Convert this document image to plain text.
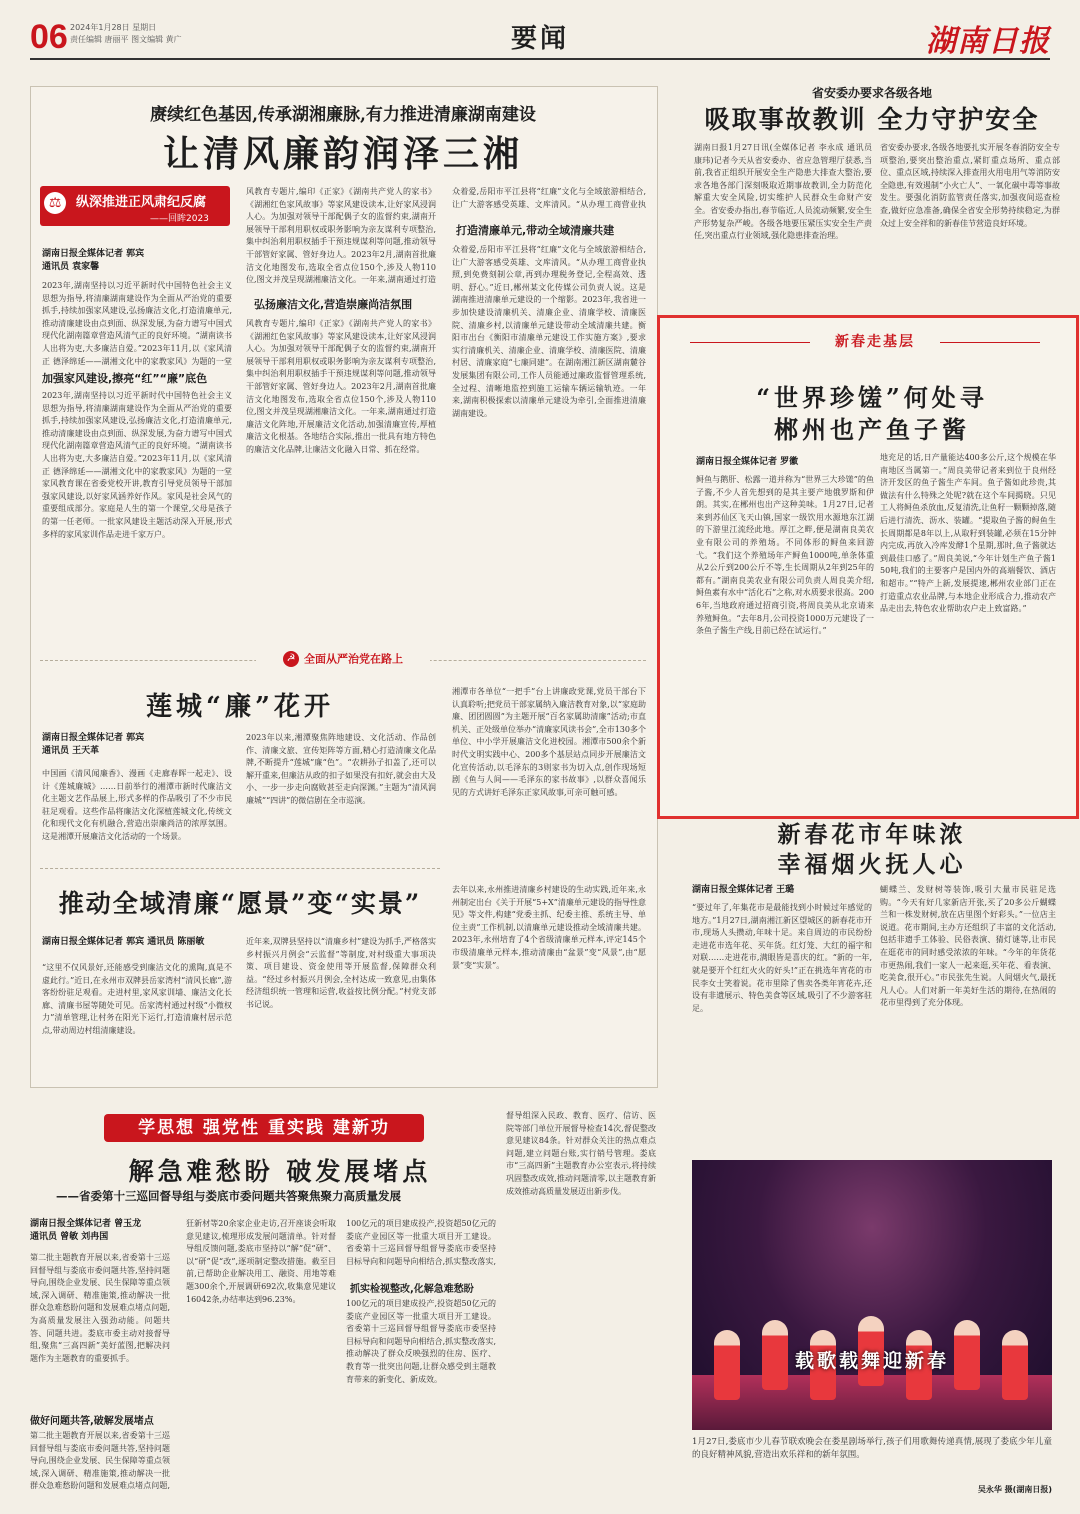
06 2024年1月28日 星期日
责任编辑 唐丽平 图文编辑 黄广	要闻	湖南日报
赓续红色基因,传承湖湘廉脉,有力推进清廉湖南建设
让清风廉韵润泽三湘
纵深推进正风肃纪反腐
——回眸2023
⚖
湖南日报全媒体记者 郭宾
通讯员 袁家馨
2023年,湖南坚持以习近平新时代中国特色社会主义思想为指导,将清廉湖南建设作为全面从严治党的重要抓手,持续加强家风建设,弘扬廉洁文化,打造清廉单元,推动清廉建设由点到面、纵深发展,为奋力谱写中国式现代化湖南篇章营造风清气正的良好环境。“湖南读书人出将为吏,大多廉洁自爱。”2023年11月,以《家风清正 德泽绵延——湖湘文化中的家教家风》为题的一堂
加强家风建设,擦亮“红”“廉”底色
2023年,湖南坚持以习近平新时代中国特色社会主义思想为指导,将清廉湖南建设作为全面从严治党的重要抓手,持续加强家风建设,弘扬廉洁文化,打造清廉单元,推动清廉建设由点到面、纵深发展,为奋力谱写中国式现代化湖南篇章营造风清气正的良好环境。“湖南读书人出将为吏,大多廉洁自爱。”2023年11月,以《家风清正 德泽绵延——湖湘文化中的家教家风》为题的一堂家风教育课在省委党校开讲,教育引导党员领导干部加强家风建设,以好家风涵养好作风。家风是社会风气的重要组成部分。家庭是人生的第一个课堂,父母是孩子的第一任老师。一批家风建设主题活动深入开展,形式多样的家风家训作品走进千家万户。
风教育专题片,编印《正家》《湖南共产党人的家书》《湖湘红色家风故事》等家风建设读本,让好家风浸润人心。为加强对领导干部配偶子女的监督约束,湖南开展领导干部利用职权或职务影响为亲友谋利专项整治,集中纠治利用职权插手干预违规谋利等问题,推动领导干部管好家属、管好身边人。2023年2月,湖南首批廉洁文化地图发布,选取全省点位150个,涉及人物110位,图文并茂呈现湖湘廉洁文化。一年来,湖南通过打造
弘扬廉洁文化,营造崇廉尚洁氛围
风教育专题片,编印《正家》《湖南共产党人的家书》《湖湘红色家风故事》等家风建设读本,让好家风浸润人心。为加强对领导干部配偶子女的监督约束,湖南开展领导干部利用职权或职务影响为亲友谋利专项整治,集中纠治利用职权插手干预违规谋利等问题,推动领导干部管好家属、管好身边人。2023年2月,湖南首批廉洁文化地图发布,选取全省点位150个,涉及人物110位,图文并茂呈现湖湘廉洁文化。一年来,湖南通过打造廉洁文化阵地,开展廉洁文化活动,加强清廉宣传,厚植廉洁文化根基。各地结合实际,推出一批具有地方特色的廉洁文化品牌,让廉洁文化融入日常、抓在经常。
众着爱,岳阳市平江县将“红廉”文化与全域旅游相结合,让广大游客感受英雄、文库清风。“从办理工商营业执
打造清廉单元,带动全域清廉共建
众着爱,岳阳市平江县将“红廉”文化与全域旅游相结合,让广大游客感受英雄、文库清风。“从办理工商营业执照,到免费刻制公章,再到办理税务登记,全程高效、透明、舒心。”近日,郴州某文化传媒公司负责人说。这是湖南推进清廉单元建设的一个缩影。2023年,我省进一步加快建设清廉机关、清廉企业、清廉学校、清廉医院、清廉乡村,以清廉单元建设带动全域清廉共建。衡阳市出台《衡阳市清廉单元建设工作实施方案》,要求实行清廉机关、清廉企业、清廉学校、清廉医院、清廉村居、清廉家庭“七廉同建”。在湖南湘江新区湖南麓谷发展集团有限公司,工作人员能通过廉政监督管理系统,全过程、清晰地监控到施工运输车辆运输轨迹。一年来,湖南积极探索以清廉单元建设为牵引,全面推进清廉湖南建设。
☭ 全面从严治党在路上
莲城“廉”花开
湖南日报全媒体记者 郭宾
通讯员 王天革
中国画《清风闻廉香》、漫画《走廊春晖一起走》、设计《莲城廉城》……日前举行的湘潭市新时代廉洁文化主题文艺作品展上,形式多样的作品吸引了不少市民驻足观看。这些作品将廉洁文化深植莲城文化,传统文化和现代文化有机融合,营造出崇廉尚洁的浓厚氛围。这是湘潭开展廉洁文化活动的一个场景。
2023年以来,湘潭聚焦阵地建设、文化活动、作品创作、清廉文旅、宣传矩阵等方面,精心打造清廉文化品牌,不断提升“莲城”廉“色”。“农耕孙子扣盖了,还可以解开重来,但廉洁从政的扣子如果没有扣好,就会由大及小、一步一步走向腐败甚至走向深渊。”主题为“清风润廉城”“四讲”的微信剧在全市巡演。
湘潭市各单位“一把手”台上讲廉政党课,党员干部台下认真聆听;把党员干部家属纳入廉洁教育对象,以“家庭助廉、团团圆圆”为主题开展“百名家属助清廉”活动;市直机关、正处级单位举办“清廉家风读书会”,全市130多个单位、中小学开展廉洁文化进校园。湘潭市500余个新时代文明实践中心、200多个基层站点同步开展廉洁文化宣传活动,以毛泽东的3则家书为切入点,创作现场短剧《鱼与人间——毛泽东的家书故事》,以群众喜闻乐见的方式讲好毛泽东正家风故事,可亲可触可感。
推动全域清廉“愿景”变“实景”
湖南日报全媒体记者 郭宾 通讯员 陈丽敏
“这里不仅风景好,还能感受到廉洁文化的熏陶,真是不虚此行。”近日,在永州市双牌县岳家湾村“清风长廊”,游客纷纷驻足观看。走进村里,家风家训墙、廉洁文化长廊、清廉书屋等随处可见。岳家湾村通过村级“小微权力”清单管理,让村务在阳光下运行,打造清廉村居示范点,带动周边村组清廉建设。
近年来,双牌县坚持以“清廉乡村”建设为抓手,严格落实乡村振兴月例会“云监督”等制度,对村级重大事项决策、项目建设、资金使用等开展监督,保障群众利益。“经过乡村振兴月例会,全村达成一致意见,由集体经济组织统一管理和运营,收益按比例分配。”村党支部书记说。
去年以来,永州推进清廉乡村建设的生动实践,近年来,永州制定出台《关于开展“5+X”清廉单元建设的指导性意见》等文件,构建“党委主抓、纪委主推、系统主导、单位主责”工作机制,以清廉单元建设推动全域清廉共建。2023年,永州培育了4个省级清廉单元样本,评定145个市级清廉单元样本,推动清廉由“盆景”变“风景”,由“愿景”变“实景”。
学思想 强党性 重实践 建新功
解急难愁盼 破发展堵点
——省委第十三巡回督导组与娄底市委问题共答聚焦聚力高质量发展
湖南日报全媒体记者 曾玉龙
通讯员 曾敏 刘冉国
第二批主题教育开展以来,省委第十三巡回督导组与娄底市委问题共答,坚持问题导向,围绕企业发展、民生保障等重点领域,深入调研、精准施策,推动解决一批群众急难愁盼问题和发展难点堵点问题,为高质量发展注入强劲动能。问题共答、同题共进。娄底市委主动对接督导组,聚焦“三高四新”美好蓝图,把解决问题作为主题教育的重要抓手。
做好问题共答,破解发展堵点
第二批主题教育开展以来,省委第十三巡回督导组与娄底市委问题共答,坚持问题导向,围绕企业发展、民生保障等重点领域,深入调研、精准施策,推动解决一批群众急难愁盼问题和发展难点堵点问题,
狂新材等20余家企业走访,召开座谈会听取意见建议,梳理形成发展问题清单。针对督导组反馈问题,娄底市坚持以“解”促“研”、以“研”促“改”,逐项制定整改措施。截至目前,已帮助企业解决用工、融资、用地等难题300余个,开展调研692次,收集意见建议16042条,办结率达到96.23%。
100亿元的项目建成投产,投资超50亿元的娄底产业园区等一批重大项目开工建设。省委第十三巡回督导组督导娄底市委坚持目标导向和问题导向相结合,抓实整改落实,
抓实检视整改,化解急难愁盼
100亿元的项目建成投产,投资超50亿元的娄底产业园区等一批重大项目开工建设。省委第十三巡回督导组督导娄底市委坚持目标导向和问题导向相结合,抓实整改落实,推动解决了群众反映强烈的住房、医疗、教育等一批突出问题,让群众感受到主题教育带来的新变化、新成效。
督导组深入民政、教育、医疗、信访、医院等部门单位开展督导检查14次,督促整改意见建议84条。针对群众关注的热点难点问题,建立问题台账,实行销号管理。娄底市“三高四新”主题教育办公室表示,将持续巩固整改成效,推动问题清零,以主题教育新成效推动高质量发展迈出新步伐。
省安委办要求各级各地
吸取事故教训 全力守护安全
湖南日报1月27日讯(全媒体记者 李永成 通讯员 康玮)记者今天从省安委办、省应急管理厅获悉,当前,我省正组织开展安全生产隐患大排查大整治,要求各地各部门深刻吸取近期事故教训,全力防范化解重大安全风险,切实维护人民群众生命财产安全。省安委办指出,春节临近,人员流动频繁,安全生产形势复杂严峻。各级各地要压紧压实安全生产责任,突出重点行业领域,强化隐患排查治理。
省安委办要求,各级各地要扎实开展冬春消防安全专项整治,要突出整治重点,紧盯重点场所、重点部位、重点区域,持续深入排查用火用电用气等消防安全隐患,有效遏制“小火亡人”、一氧化碳中毒等事故发生。要强化消防监管责任落实,加强夜间巡查检查,做好应急准备,确保全省安全形势持续稳定,为群众过上安全祥和的新春佳节营造良好环境。
新春走基层
“世界珍馐”何处寻
郴州也产鱼子酱
湖南日报全媒体记者 罗徽
鲟鱼与鹅肝、松露一道并称为“世界三大珍馐”的鱼子酱,不少人首先想到的是其主要产地俄罗斯和伊朗。其实,在郴州也出产这种美味。1月27日,记者来到苏仙区飞天山镇,国家一级饮用水源地东江湖的下游里江流经此地。厚江之畔,便是湖南良美农业有限公司的养殖场。不同体形的鲟鱼来回游弋。“我们这个养殖场年产鲟鱼1000吨,单条体重从2公斤到200公斤不等,生长周期从2年到25年的都有。”湖南良美农业有限公司负责人周良美介绍,鲟鱼素有水中“活化石”之称,对水质要求很高。2006年,当地政府通过招商引资,将周良美从北京请来养殖鲟鱼。“去年8月,公司投资1000万元建设了一条鱼子酱生产线,目前已经在试运行。”
地充足的话,日产量能达400多公斤,这个规模在华南地区当属第一。”周良美带记者来到位于良州经济开发区的鱼子酱生产车间。鱼子酱如此珍贵,其做法有什么特殊之处呢?就在这个车间揭晓。只见工人将鲟鱼杀放血,反复清洗,让鱼籽一颗颗掉落,随后进行清洗、沥水、装罐。“提取鱼子酱的鲟鱼生长周期都是8年以上,从取籽到装罐,必须在15分钟内完成,再放入冷库发酵1个星期,那时,鱼子酱就达到最佳口感了。”周良美说,“今年计划生产鱼子酱150吨,我们的主要客户是国内外的高端餐饮、酒店和超市。”“特产上新,发展提速,郴州农业部门正在打造重点农业品牌,与本地企业形成合力,推动农产品走出去,特色农业帮助农户走上致富路。”
新春花市年味浓
幸福烟火抚人心
湖南日报全媒体记者 王璐
“要过年了,年集花市是最能找到小时候过年感觉的地方。”1月27日,湖南湘江新区望城区的新春花市开市,现场人头攒动,年味十足。来自周边的市民纷纷走进花市选年花、买年货。红灯笼、大红的福字和对联……走进花市,满眼皆是喜庆的红。“新的一年,就是要开个红红火火的好头!”正在挑选年宵花的市民李女士笑着说。花市里除了售卖各类年宵花卉,还设有非遗展示、特色美食等区域,吸引了不少游客驻足。
蝴蝶兰、发财树等装饰,吸引大量市民驻足选购。“今天有好几家新店开张,买了20多公斤蝴蝶兰和一株发财树,放在店里图个好彩头。”一位店主说道。花市期间,主办方还组织了丰富的文化活动,包括非遗手工体验、民俗表演、猜灯谜等,让市民在逛花市的同时感受浓浓的年味。“今年的年货花市更热闹,我们一家人一起来逛,买年花、看表演、吃美食,很开心。”市民张先生说。人间烟火气,最抚凡人心。人们对新一年美好生活的期待,在热闹的花市里得到了充分体现。
载歌载舞迎新春
1月27日,娄底市少儿春节联欢晚会在娄星剧场举行,孩子们用歌舞传递真情,展现了娄底少年儿童的良好精神风貌,营造出欢乐祥和的新年氛围。
吴永华 摄(湖南日报)
